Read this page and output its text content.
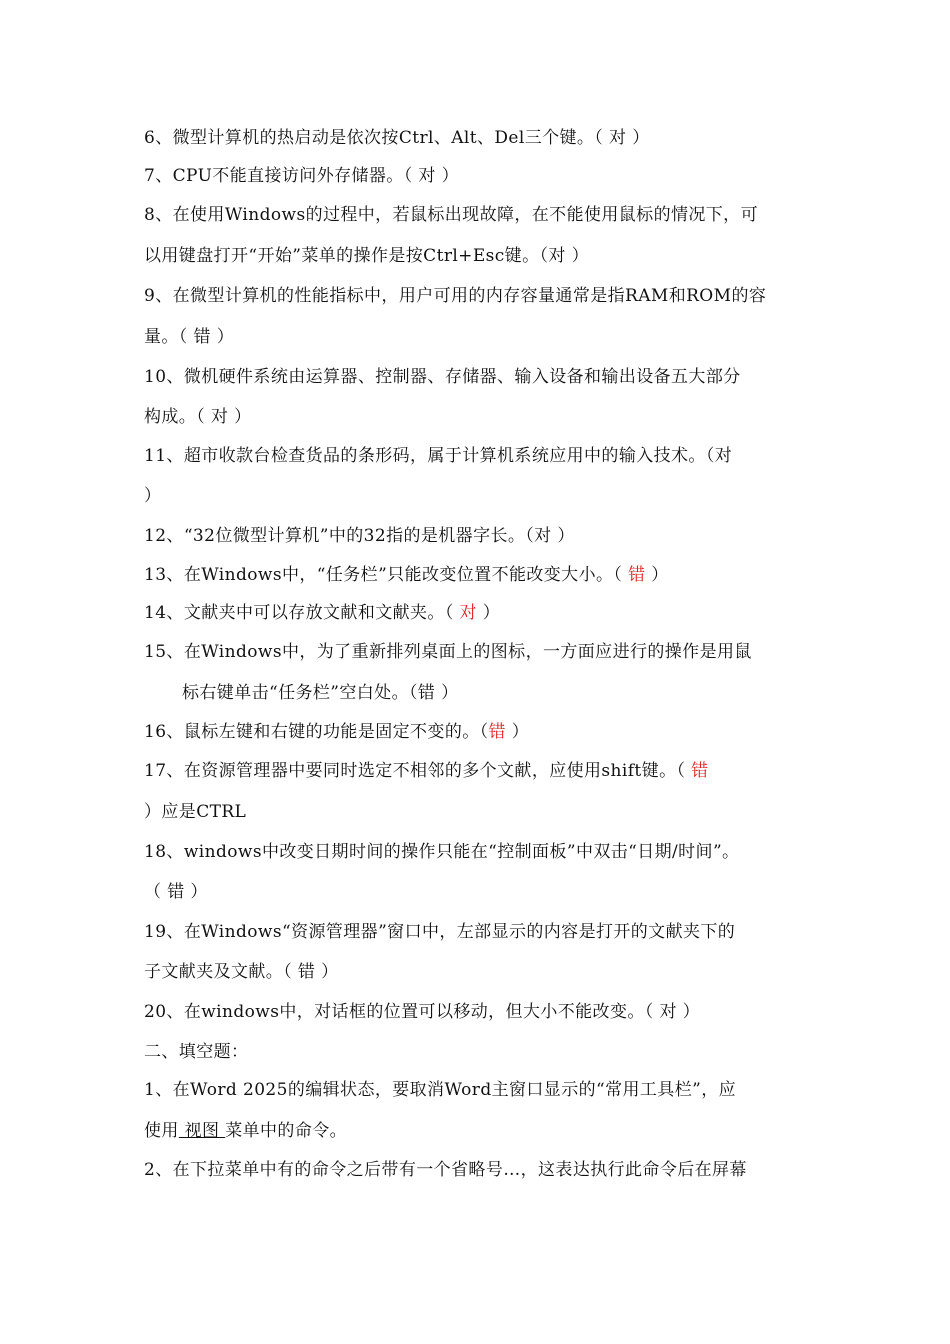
6、微型计算机的热启动是依次按Ctrl、Alt、Del三个键。（ 对 ）
7、CPU不能直接访问外存储器。（ 对 ）
8、在使用Windows的过程中，若鼠标出现故障，在不能使用鼠标的情况下，可
以用键盘打开“开始”菜单的操作是按Ctrl+Esc键。（对 ）
9、在微型计算机的性能指标中，用户可用的内存容量通常是指RAM和ROM的容
量。（ 错 ）
10、微机硬件系统由运算器、控制器、存储器、输入设备和输出设备五大部分
构成。（ 对 ）
11、超市收款台检查货品的条形码，属于计算机系统应用中的输入技术。（对
）
12、“32位微型计算机”中的32指的是机器字长。（对 ）
13、在Windows中，“任务栏”只能改变位置不能改变大小。（ 错 ）
14、文献夹中可以存放文献和文献夹。（ 对 ）
15、在Windows中，为了重新排列桌面上的图标，一方面应进行的操作是用鼠
标右键单击“任务栏”空白处。（错 ）
16、鼠标左键和右键的功能是固定不变的。（错 ）
17、在资源管理器中要同时选定不相邻的多个文献，应使用shift键。（ 错
）应是CTRL
18、windows中改变日期时间的操作只能在“控制面板”中双击“日期/时间”。
（ 错 ）
19、在Windows“资源管理器”窗口中，左部显示的内容是打开的文献夹下的
子文献夹及文献。（ 错 ）
20、在windows中，对话框的位置可以移动，但大小不能改变。（ 对 ）
二、填空题：
1、在Word 2025的编辑状态，要取消Word主窗口显示的“常用工具栏”，应
使用 视图 菜单中的命令。
2、在下拉菜单中有的命令之后带有一个省略号…，这表达执行此命令后在屏幕
